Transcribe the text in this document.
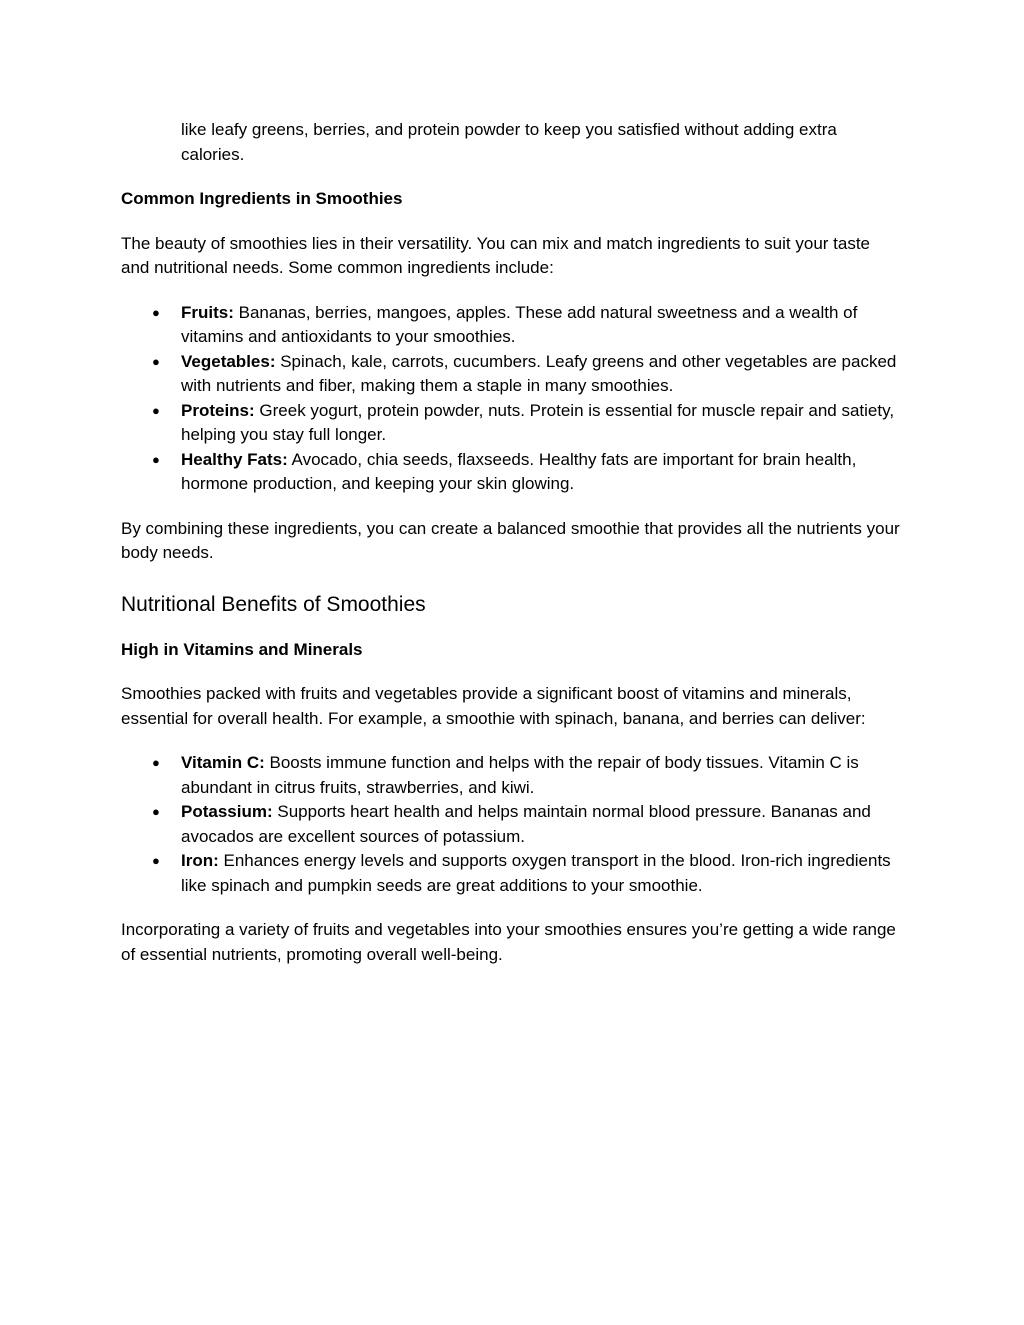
like leafy greens, berries, and protein powder to keep you satisfied without adding extra calories.

Common Ingredients in Smoothies

The beauty of smoothies lies in their versatility. You can mix and match ingredients to suit your taste and nutritional needs. Some common ingredients include:

● Fruits: Bananas, berries, mangoes, apples. These add natural sweetness and a wealth of vitamins and antioxidants to your smoothies.
● Vegetables: Spinach, kale, carrots, cucumbers. Leafy greens and other vegetables are packed with nutrients and fiber, making them a staple in many smoothies.
● Proteins: Greek yogurt, protein powder, nuts. Protein is essential for muscle repair and satiety, helping you stay full longer.
● Healthy Fats: Avocado, chia seeds, flaxseeds. Healthy fats are important for brain health, hormone production, and keeping your skin glowing.

By combining these ingredients, you can create a balanced smoothie that provides all the nutrients your body needs.

Nutritional Benefits of Smoothies
High in Vitamins and Minerals

Smoothies packed with fruits and vegetables provide a significant boost of vitamins and minerals, essential for overall health. For example, a smoothie with spinach, banana, and berries can deliver:

● Vitamin C: Boosts immune function and helps with the repair of body tissues. Vitamin C is abundant in citrus fruits, strawberries, and kiwi.
● Potassium: Supports heart health and helps maintain normal blood pressure. Bananas and avocados are excellent sources of potassium.
● Iron: Enhances energy levels and supports oxygen transport in the blood. Iron-rich ingredients like spinach and pumpkin seeds are great additions to your smoothie.

Incorporating a variety of fruits and vegetables into your smoothies ensures you’re getting a wide range of essential nutrients, promoting overall well-being.
